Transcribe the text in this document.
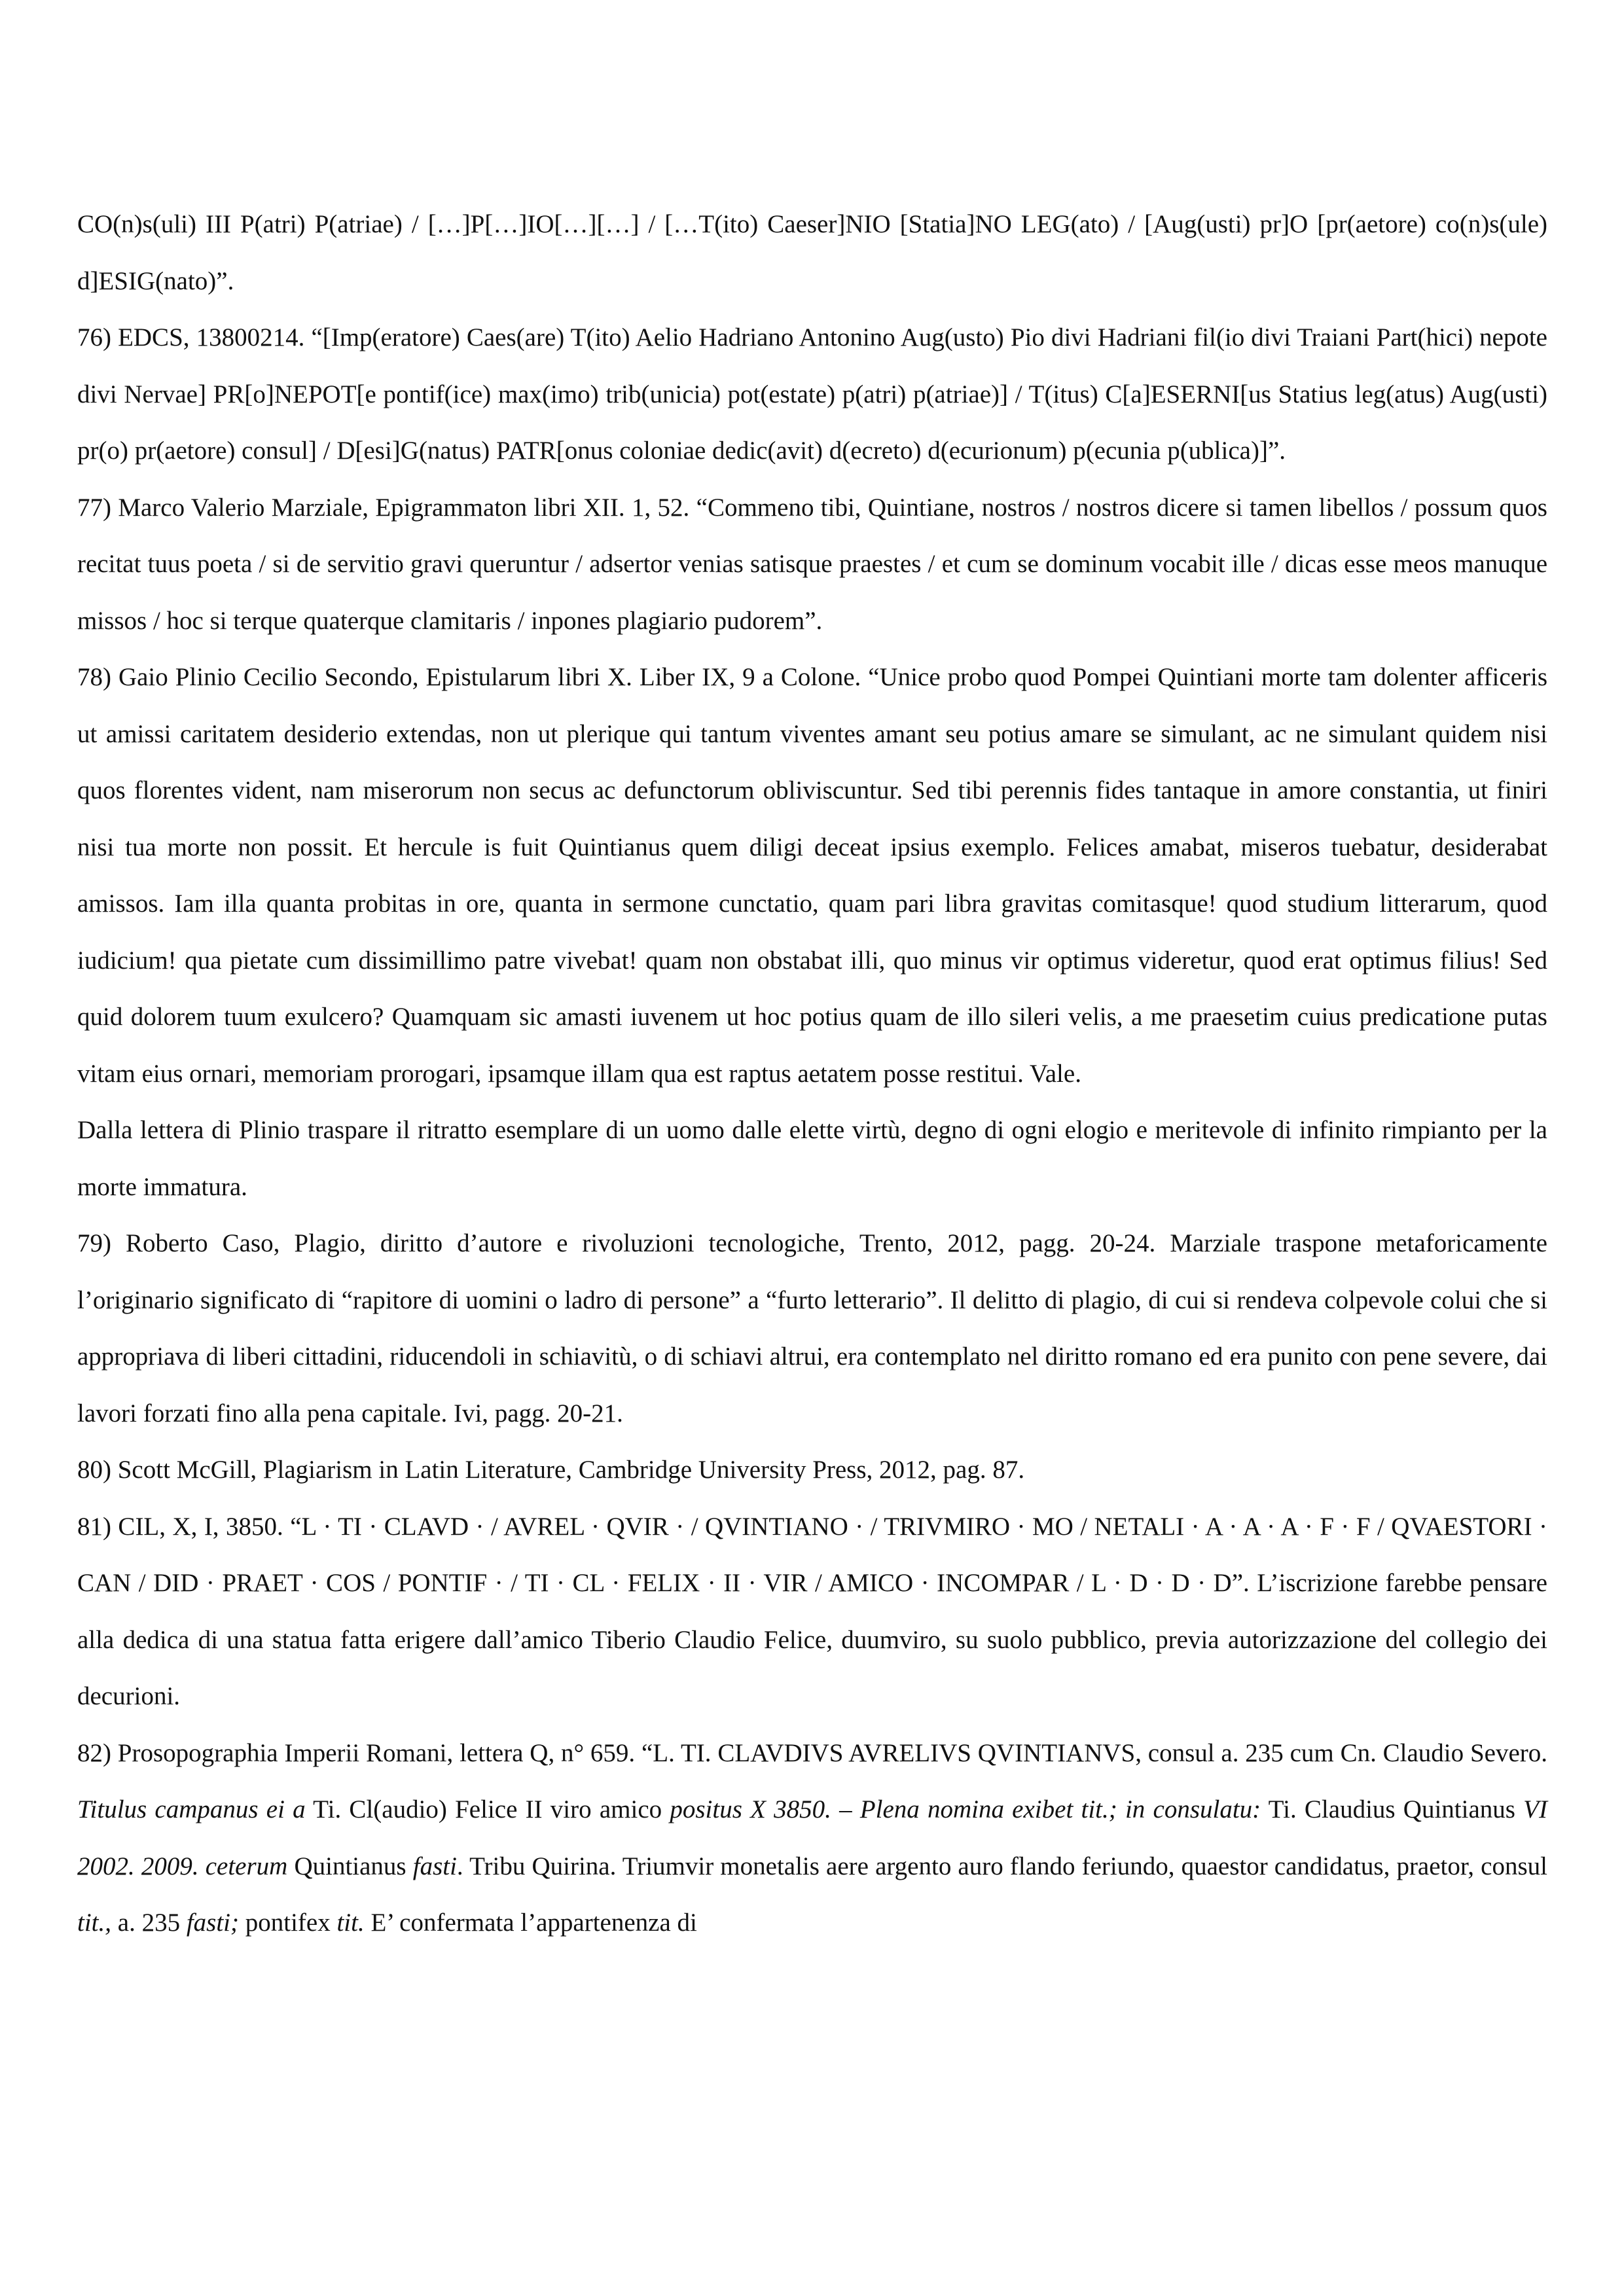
CO(n)s(uli) III P(atri) P(atriae) / […]P[…]IO[…][…] / […T(ito) Caeser]NIO [Statia]NO LEG(ato) / [Aug(usti) pr]O [pr(aetore) co(n)s(ule) d]ESIG(nato)”.

76) EDCS, 13800214. “[Imp(eratore) Caes(are) T(ito) Aelio Hadriano Antonino Aug(usto) Pio divi Hadriani fil(io divi Traiani Part(hici) nepote divi Nervae] PR[o]NEPOT[e pontif(ice) max(imo) trib(unicia) pot(estate) p(atri) p(atriae)] / T(itus) C[a]ESERNI[us Statius leg(atus) Aug(usti) pr(o) pr(aetore) consul] / D[esi]G(natus) PATR[onus coloniae dedic(avit) d(ecreto) d(ecurionum) p(ecunia p(ublica)]”.

77) Marco Valerio Marziale, Epigrammaton libri XII. 1, 52. “Commeno tibi, Quintiane, nostros / nostros dicere si tamen libellos / possum quos recitat tuus poeta / si de servitio gravi queruntur / adsertor venias satisque praestes / et cum se dominum vocabit ille / dicas esse meos manuque missos / hoc si terque quaterque clamitaris / inpones plagiario pudorem”.

78) Gaio Plinio Cecilio Secondo, Epistularum libri X. Liber IX, 9 a Colone. “Unice probo quod Pompei Quintiani morte tam dolenter afficeris ut amissi caritatem desiderio extendas, non ut plerique qui tantum viventes amant seu potius amare se simulant, ac ne simulant quidem nisi quos florentes vident, nam miserorum non secus ac defunctorum obliviscuntur. Sed tibi perennis fides tantaque in amore constantia, ut finiri nisi tua morte non possit. Et hercule is fuit Quintianus quem diligi deceat ipsius exemplo. Felices amabat, miseros tuebatur, desiderabat amissos. Iam illa quanta probitas in ore, quanta in sermone cunctatio, quam pari libra gravitas comitasque! quod studium litterarum, quod iudicium! qua pietate cum dissimillimo patre vivebat! quam non obstabat illi, quo minus vir optimus videretur, quod erat optimus filius! Sed quid dolorem tuum exulcero? Quamquam sic amasti iuvenem ut hoc potius quam de illo sileri velis, a me praesetim cuius predicatione putas vitam eius ornari, memoriam prorogari, ipsamque illam qua est raptus aetatem posse restitui. Vale.

Dalla lettera di Plinio traspare il ritratto esemplare di un uomo dalle elette virtù, degno di ogni elogio e meritevole di infinito rimpianto per la morte immatura.

79) Roberto Caso, Plagio, diritto d’autore e rivoluzioni tecnologiche, Trento, 2012, pagg. 20-24. Marziale traspone metaforicamente l’originario significato di “rapitore di uomini o ladro di persone” a “furto letterario”. Il delitto di plagio, di cui si rendeva colpevole colui che si appropriava di liberi cittadini, riducendoli in schiavitù, o di schiavi altrui, era contemplato nel diritto romano ed era punito con pene severe, dai lavori forzati fino alla pena capitale. Ivi, pagg. 20-21.

80) Scott McGill, Plagiarism in Latin Literature, Cambridge University Press, 2012, pag. 87.

81) CIL, X, I, 3850. “L · TI · CLAVD · / AVREL · QVIR · / QVINTIANO · / TRIVMIRO · MO / NETALI · A · A · A · F · F / QVAESTORI · CAN / DID · PRAET · COS / PONTIF · / TI · CL · FELIX · II · VIR / AMICO · INCOMPAR / L · D · D · D”. L’iscrizione farebbe pensare alla dedica di una statua fatta erigere dall’amico Tiberio Claudio Felice, duumviro, su suolo pubblico, previa autorizzazione del collegio dei decurioni.

82) Prosopographia Imperii Romani, lettera Q, n° 659. “L. TI. CLAVDIVS AVRELIVS QVINTIANVS, consul a. 235 cum Cn. Claudio Severo. Titulus campanus ei a Ti. Cl(audio) Felice II viro amico positus X 3850. – Plena nomina exibet tit.; in consulatu: Ti. Claudius Quintianus VI 2002. 2009. ceterum Quintianus fasti. Tribu Quirina. Triumvir monetalis aere argento auro flando feriundo, quaestor candidatus, praetor, consul tit., a. 235 fasti; pontifex tit. E’ confermata l’appartenenza di
